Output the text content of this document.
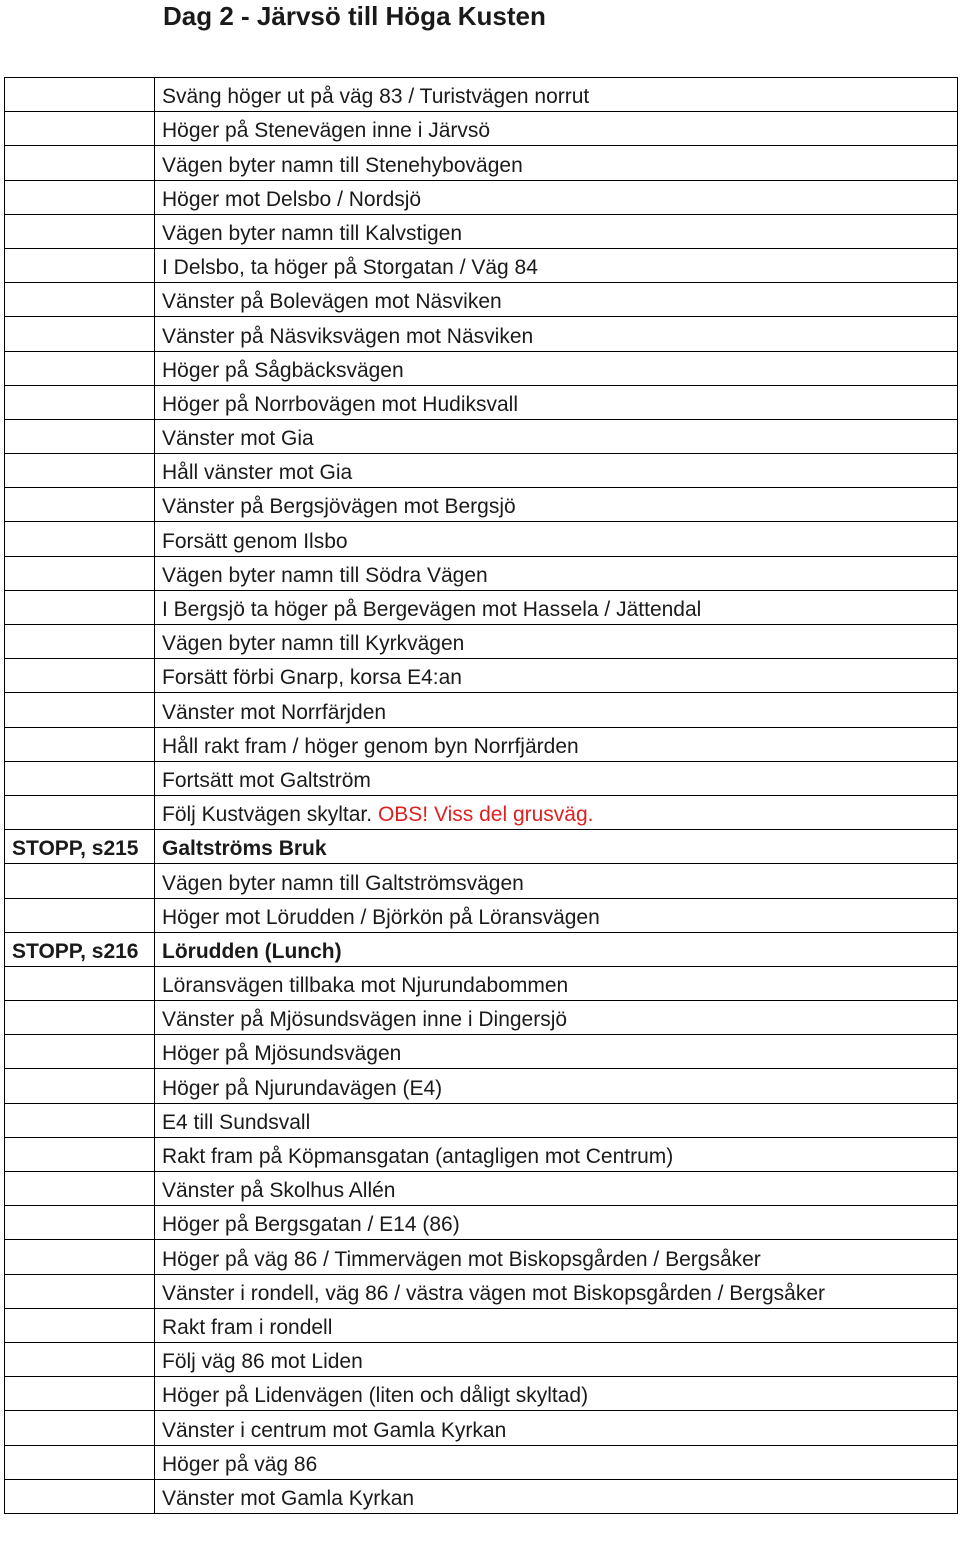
Dag 2 - Järvsö till Höga Kusten
	Sväng höger ut på väg 83 / Turistvägen norrut
	Höger på Stenevägen inne i Järvsö
	Vägen byter namn till Stenehybovägen
	Höger mot Delsbo / Nordsjö
	Vägen byter namn till Kalvstigen
	I Delsbo, ta höger på Storgatan / Väg 84
	Vänster på Bolevägen mot Näsviken
	Vänster på Näsviksvägen mot Näsviken
	Höger på Sågbäcksvägen
	Höger på Norrbovägen mot Hudiksvall
	Vänster mot Gia
	Håll vänster mot Gia
	Vänster på Bergsjövägen mot Bergsjö
	Forsätt genom Ilsbo
	Vägen byter namn till Södra Vägen
	I Bergsjö ta höger på Bergevägen mot Hassela / Jättendal
	Vägen byter namn till Kyrkvägen
	Forsätt förbi Gnarp, korsa E4:an
	Vänster mot Norrfärjden
	Håll rakt fram / höger genom byn Norrfjärden
	Fortsätt mot Galtström
	Följ Kustvägen skyltar. OBS! Viss del grusväg.
STOPP, s215	Galtströms Bruk
	Vägen byter namn till Galtströmsvägen
	Höger mot Lörudden / Björkön på Löransvägen
STOPP, s216	Lörudden (Lunch)
	Löransvägen tillbaka mot Njurundabommen
	Vänster på Mjösundsvägen inne i Dingersjö
	Höger på Mjösundsvägen
	Höger på Njurundavägen (E4)
	E4 till Sundsvall
	Rakt fram på Köpmansgatan (antagligen mot Centrum)
	Vänster på Skolhus Allén
	Höger på Bergsgatan / E14 (86)
	Höger på väg 86 / Timmervägen mot Biskopsgården / Bergsåker
	Vänster i rondell, väg 86 / västra vägen mot Biskopsgården / Bergsåker
	Rakt fram i rondell
	Följ väg 86 mot Liden
	Höger på Lidenvägen (liten och dåligt skyltad)
	Vänster i centrum mot Gamla Kyrkan
	Höger på väg 86
	Vänster mot Gamla Kyrkan
